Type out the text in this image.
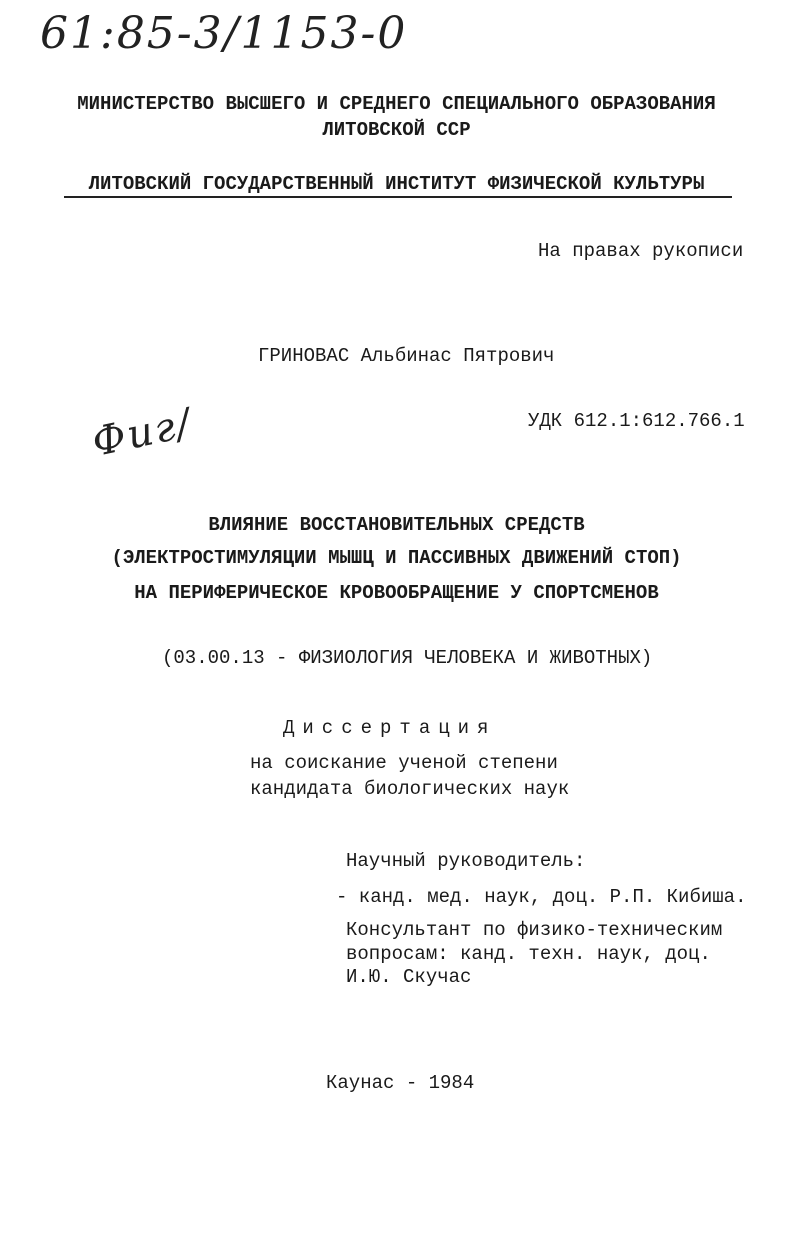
61:85-3/1153-0
МИНИСТЕРСТВО ВЫСШЕГО И СРЕДНЕГО СПЕЦИАЛЬНОГО ОБРАЗОВАНИЯ
ЛИТОВСКОЙ ССР
ЛИТОВСКИЙ ГОСУДАРСТВЕННЫЙ ИНСТИТУТ ФИЗИЧЕСКОЙ КУЛЬТУРЫ
На правах рукописи
ГРИНОВАС Альбинас Пятрович
УДК 612.1:612.766.1
Фиг/
ВЛИЯНИЕ ВОССТАНОВИТЕЛЬНЫХ СРЕДСТВ
(ЭЛЕКТРОСТИМУЛЯЦИИ МЫШЦ И ПАССИВНЫХ ДВИЖЕНИЙ СТОП)
НА ПЕРИФЕРИЧЕСКОЕ КРОВООБРАЩЕНИЕ У СПОРТСМЕНОВ
(03.00.13 - ФИЗИОЛОГИЯ ЧЕЛОВЕКА И ЖИВОТНЫХ)
Диссертация
на соискание ученой степени
кандидата биологических наук
Научный руководитель:
- канд. мед. наук, доц. Р.П. Кибиша.
Консультант по физико-техническим
вопросам: канд. техн. наук, доц.
И.Ю. Скучас
Каунас - 1984
